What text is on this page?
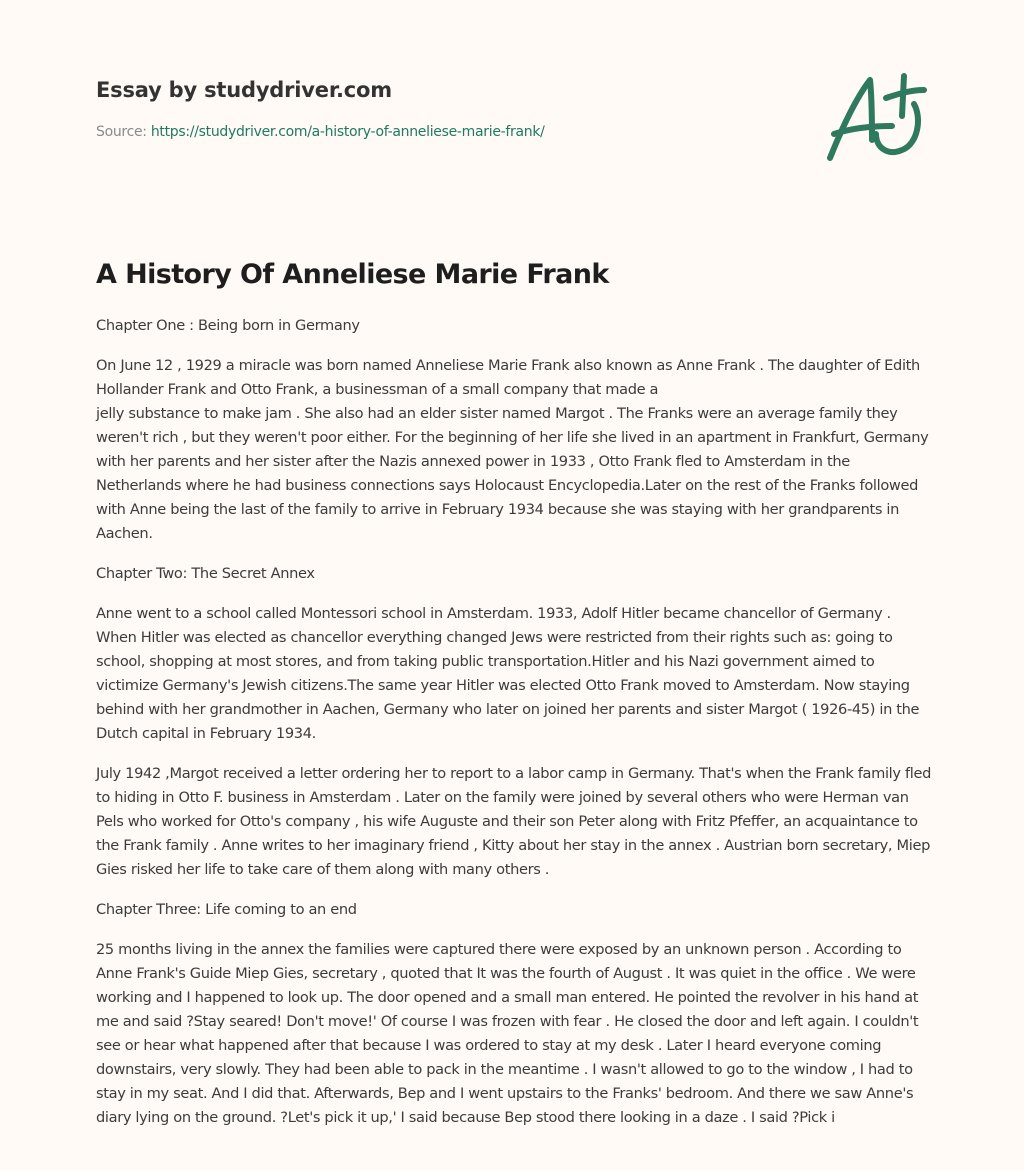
Essay by studydriver.com
Source: https://studydriver.com/a-history-of-anneliese-marie-frank/
A History Of Anneliese Marie Frank

Chapter One : Being born in Germany

On June 12 , 1929 a miracle was born named Anneliese Marie Frank also known as Anne Frank . The daughter of Edith Hollander Frank and Otto Frank, a businessman of a small company that made a
jelly substance to make jam . She also had an elder sister named Margot . The Franks were an average family they weren't rich , but they weren't poor either. For the beginning of her life she lived in an apartment in Frankfurt, Germany with her parents and her sister after the Nazis annexed power in 1933 , Otto Frank fled to Amsterdam in the Netherlands where he had business connections says Holocaust Encyclopedia.Later on the rest of the Franks followed with Anne being the last of the family to arrive in February 1934 because she was staying with her grandparents in Aachen.

Chapter Two: The Secret Annex

Anne went to a school called Montessori school in Amsterdam. 1933, Adolf Hitler became chancellor of Germany . When Hitler was elected as chancellor everything changed Jews were restricted from their rights such as: going to school, shopping at most stores, and from taking public transportation.Hitler and his Nazi government aimed to victimize Germany's Jewish citizens.The same year Hitler was elected Otto Frank moved to Amsterdam. Now staying behind with her grandmother in Aachen, Germany who later on joined her parents and sister Margot ( 1926-45) in the Dutch capital in February 1934.

July 1942 ,Margot received a letter ordering her to report to a labor camp in Germany. That's when the Frank family fled to hiding in Otto F. business in Amsterdam . Later on the family were joined by several others who were Herman van Pels who worked for Otto's company , his wife Auguste and their son Peter along with Fritz Pfeffer, an acquaintance to the Frank family . Anne writes to her imaginary friend , Kitty about her stay in the annex . Austrian born secretary, Miep Gies risked her life to take care of them along with many others .

Chapter Three: Life coming to an end

25 months living in the annex the families were captured there were exposed by an unknown person . According to Anne Frank's Guide Miep Gies, secretary , quoted that It was the fourth of August . It was quiet in the office . We were working and I happened to look up. The door opened and a small man entered. He pointed the revolver in his hand at me and said ?Stay seared! Don't move!' Of course I was frozen with fear . He closed the door and left again. I couldn't see or hear what happened after that because I was ordered to stay at my desk . Later I heard everyone coming downstairs, very slowly. They had been able to pack in the meantime . I wasn't allowed to go to the window , I had to stay in my seat. And I did that. Afterwards, Bep and I went upstairs to the Franks' bedroom. And there we saw Anne's diary lying on the ground. ?Let's pick it up,' I said because Bep stood there looking in a daze . I said ?Pick i
